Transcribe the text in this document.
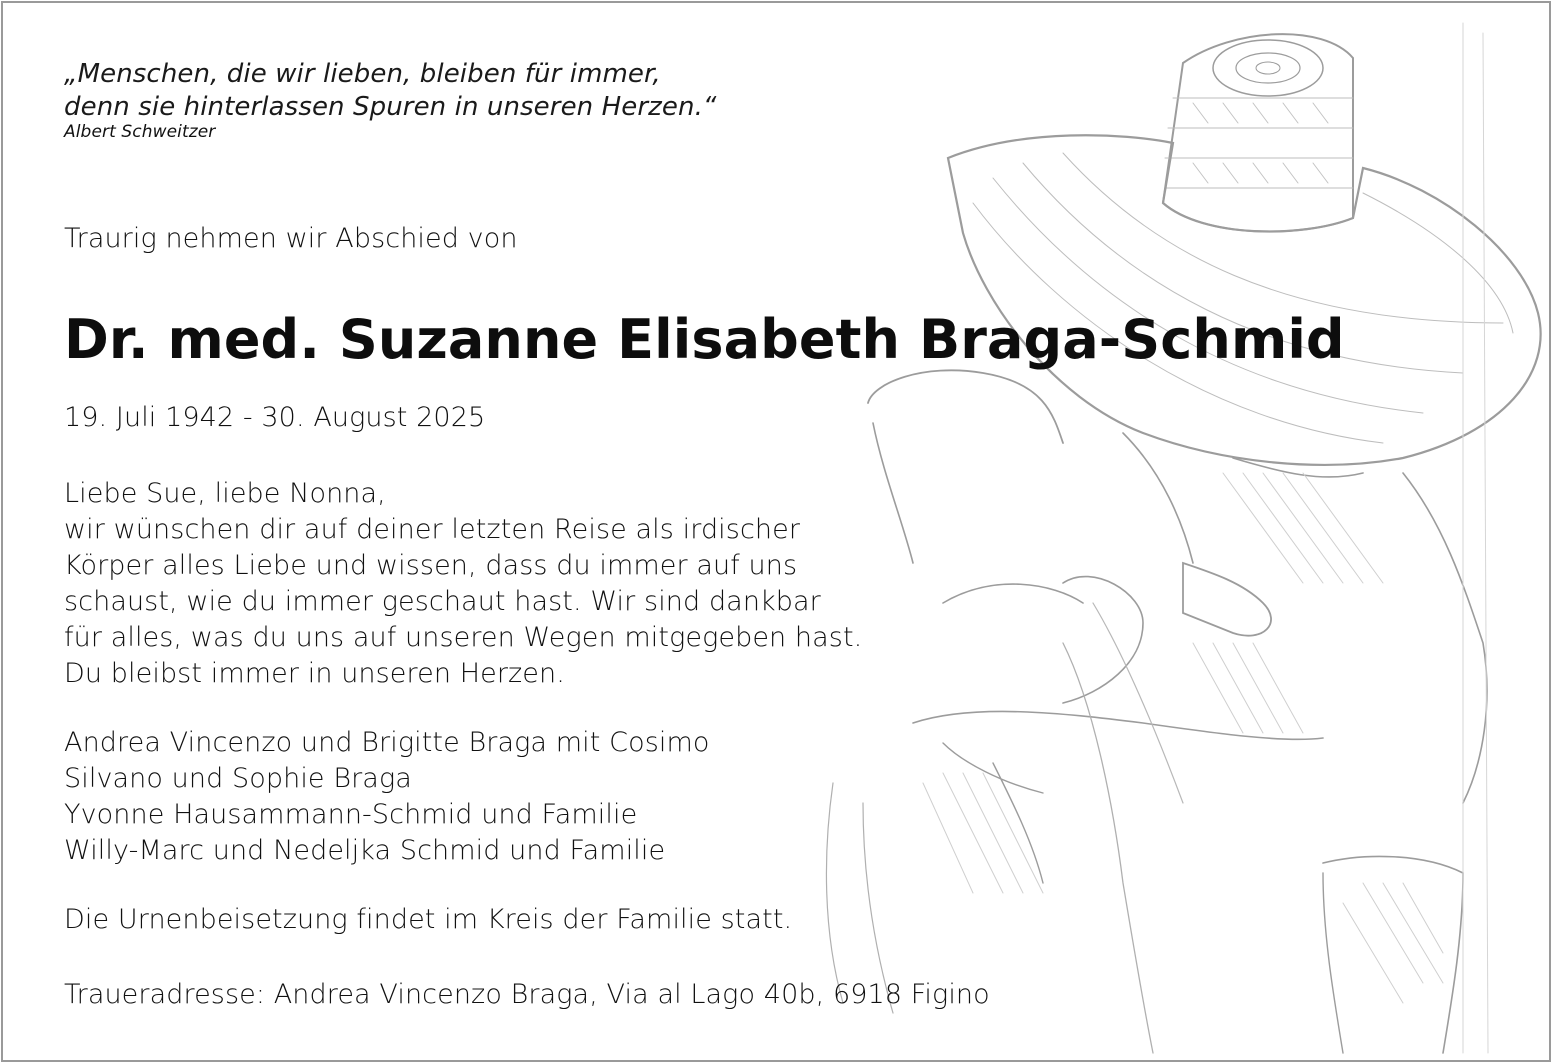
„Menschen, die wir lieben, bleiben für immer,
denn sie hinterlassen Spuren in unseren Herzen.“
Albert Schweitzer
Traurig nehmen wir Abschied von
Dr. med. Suzanne Elisabeth Braga-Schmid
19. Juli 1942 - 30. August 2025
Liebe Sue, liebe Nonna,
wir wünschen dir auf deiner letzten Reise als irdischer
Körper alles Liebe und wissen, dass du immer auf uns
schaust, wie du immer geschaut hast. Wir sind dankbar
für alles, was du uns auf unseren Wegen mitgegeben hast.
Du bleibst immer in unseren Herzen.
Andrea Vincenzo und Brigitte Braga mit Cosimo
Silvano und Sophie Braga
Yvonne Hausammann-Schmid und Familie
Willy-Marc und Nedeljka Schmid und Familie
Die Urnenbeisetzung findet im Kreis der Familie statt.
Traueradresse: Andrea Vincenzo Braga, Via al Lago 40b, 6918 Figino
